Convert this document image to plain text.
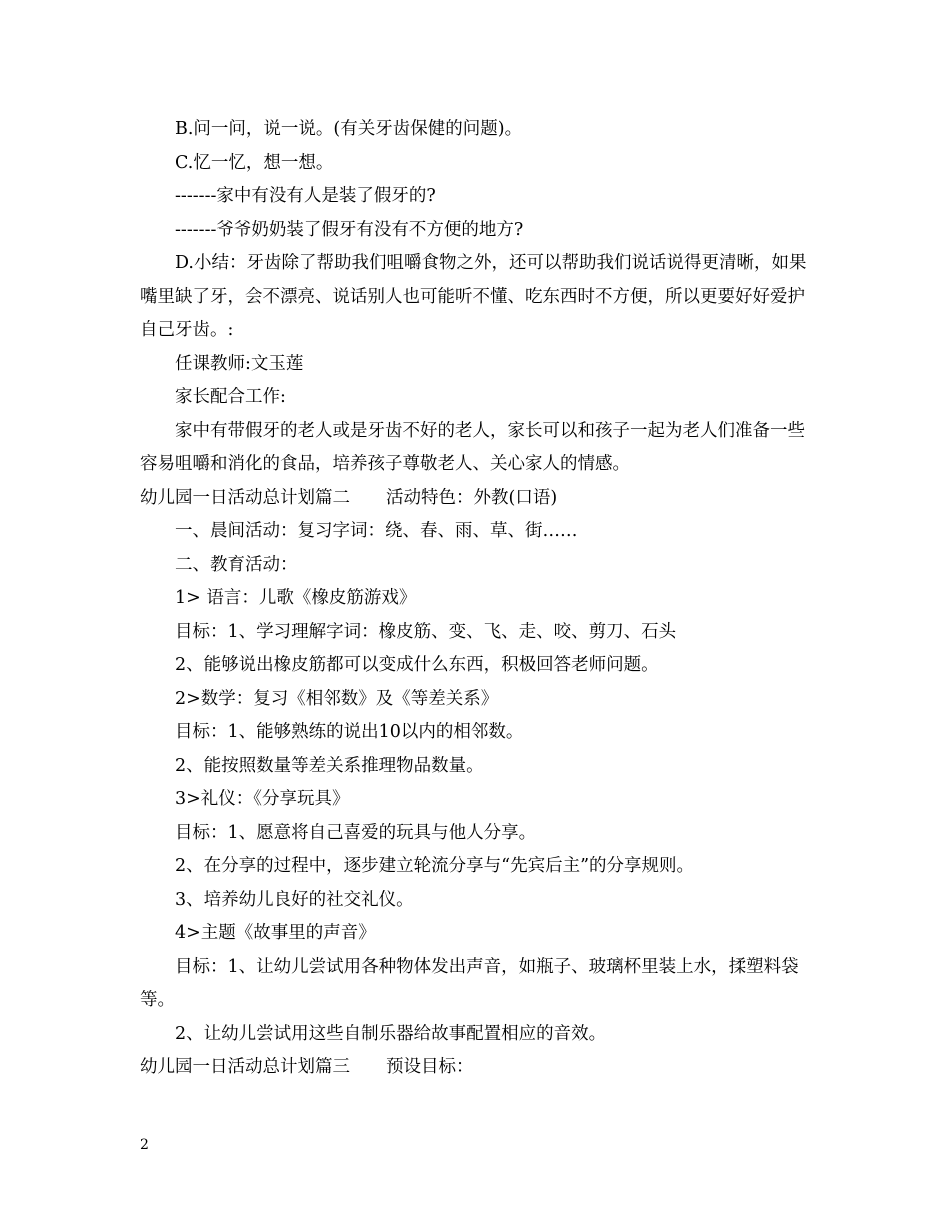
B.问一问，说一说。(有关牙齿保健的问题)。

C.忆一忆，想一想。

-------家中有没有人是装了假牙的?

-------爷爷奶奶装了假牙有没有不方便的地方?

D.小结：牙齿除了帮助我们咀嚼食物之外，还可以帮助我们说话说得更清晰，如果嘴里缺了牙，会不漂亮、说话别人也可能听不懂、吃东西时不方便，所以更要好好爱护自己牙齿。:

任课教师:文玉莲

家长配合工作:

家中有带假牙的老人或是牙齿不好的老人，家长可以和孩子一起为老人们准备一些容易咀嚼和消化的食品，培养孩子尊敬老人、关心家人的情感。

幼儿园一日活动总计划篇二 活动特色：外教(口语)

一、晨间活动：复习字词：绕、春、雨、草、街……

二、教育活动：

1> 语言：儿歌《橡皮筋游戏》

目标：1、学习理解字词：橡皮筋、变、飞、走、咬、剪刀、石头

2、能够说出橡皮筋都可以变成什么东西，积极回答老师问题。

2>数学：复习《相邻数》及《等差关系》

目标：1、能够熟练的说出10以内的相邻数。

2、能按照数量等差关系推理物品数量。

3>礼仪：《分享玩具》

目标：1、愿意将自己喜爱的玩具与他人分享。

2、在分享的过程中，逐步建立轮流分享与“先宾后主”的分享规则。

3、培养幼儿良好的社交礼仪。

4>主题《故事里的声音》

目标：1、让幼儿尝试用各种物体发出声音，如瓶子、玻璃杯里装上水，揉塑料袋等。

2、让幼儿尝试用这些自制乐器给故事配置相应的音效。

幼儿园一日活动总计划篇三 预设目标：

2
